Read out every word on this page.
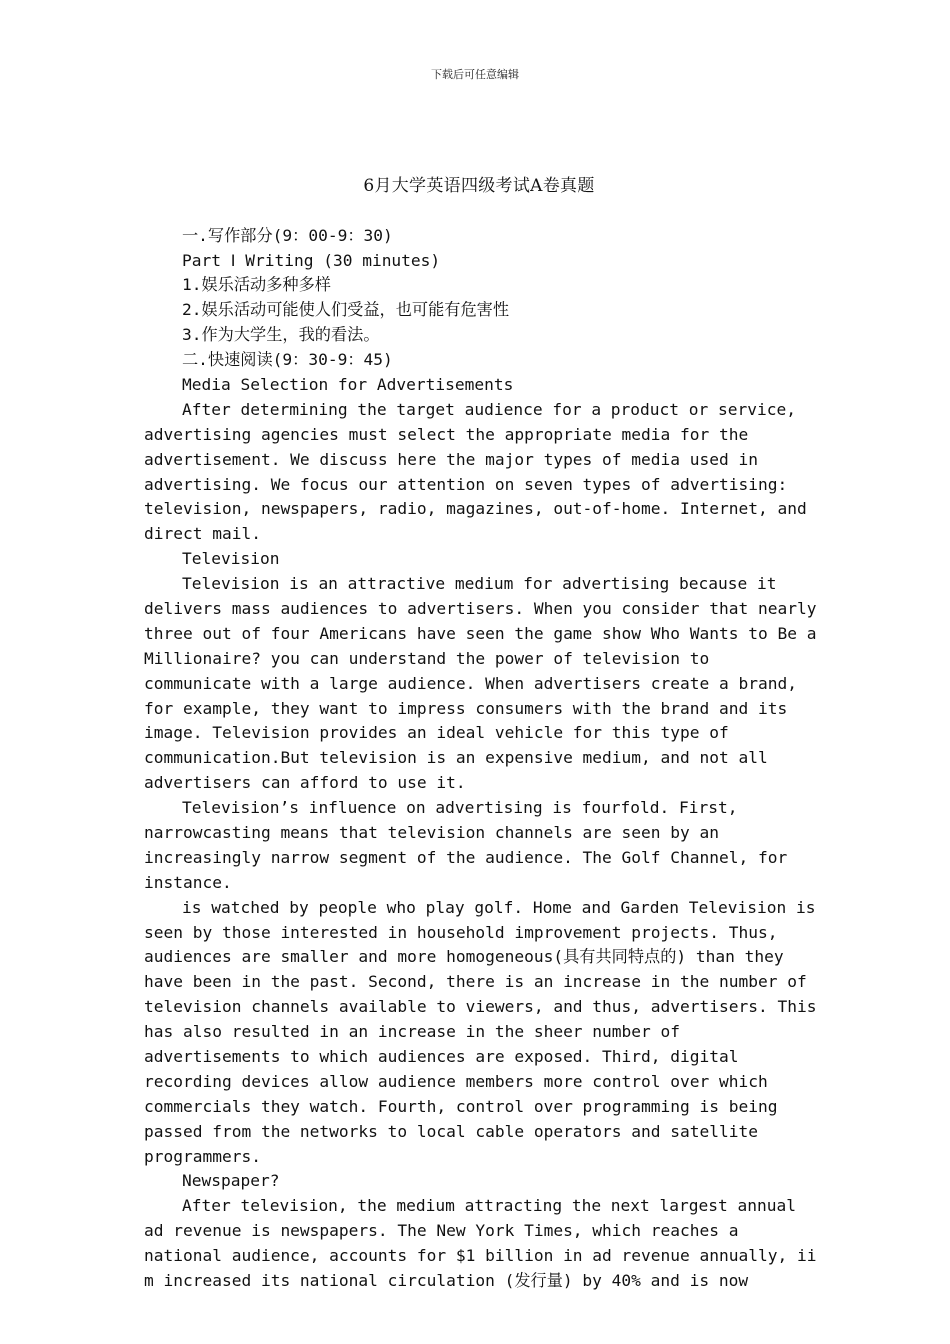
下载后可任意编辑

6月大学英语四级考试A卷真题

一.写作部分(9：00-9：30)
Part Ⅰ Writing (30 minutes)
1.娱乐活动多种多样
2.娱乐活动可能使人们受益，也可能有危害性
3.作为大学生，我的看法。
二.快速阅读(9：30-9：45)
Media Selection for Advertisements
After determining the target audience for a product or service,
advertising agencies must select the appropriate media for the
advertisement. We discuss here the major types of media used in
advertising. We focus our attention on seven types of advertising:
television, newspapers, radio, magazines, out-of-home. Internet, and
direct mail.
Television
Television is an attractive medium for advertising because it
delivers mass audiences to advertisers. When you consider that nearly
three out of four Americans have seen the game show Who Wants to Be a
Millionaire? you can understand the power of television to
communicate with a large audience. When advertisers create a brand,
for example, they want to impress consumers with the brand and its
image. Television provides an ideal vehicle for this type of
communication.But television is an expensive medium, and not all
advertisers can afford to use it.
Television’s influence on advertising is fourfold. First,
narrowcasting means that television channels are seen by an
increasingly narrow segment of the audience. The Golf Channel, for
instance.
is watched by people who play golf. Home and Garden Television is
seen by those interested in household improvement projects. Thus,
audiences are smaller and more homogeneous(具有共同特点的) than they
have been in the past. Second, there is an increase in the number of
television channels available to viewers, and thus, advertisers. This
has also resulted in an increase in the sheer number of
advertisements to which audiences are exposed. Third, digital
recording devices allow audience members more control over which
commercials they watch. Fourth, control over programming is being
passed from the networks to local cable operators and satellite
programmers.
Newspaper?
After television, the medium attracting the next largest annual
ad revenue is newspapers. The New York Times, which reaches a
national audience, accounts for $1 billion in ad revenue annually, ii
m increased its national circulation (发行量) by 40% and is now
